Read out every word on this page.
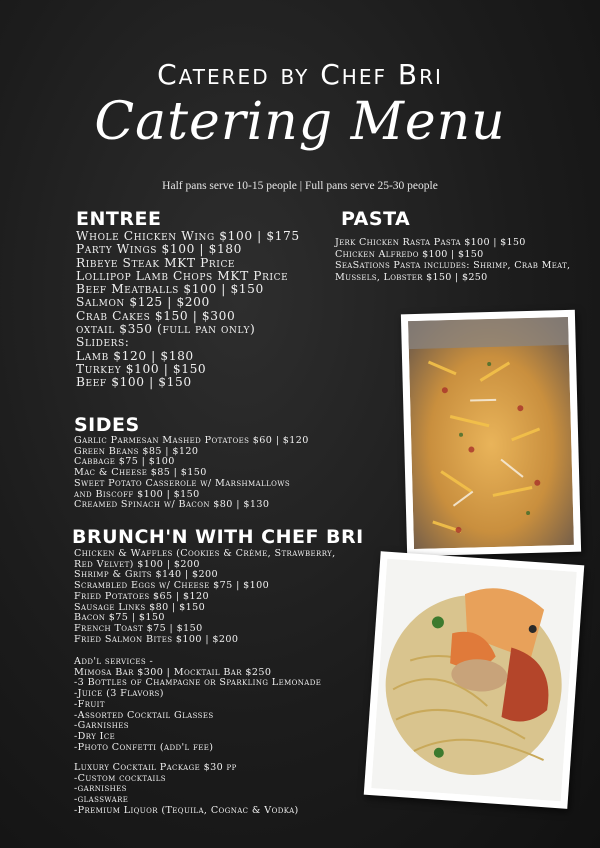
Catered by Chef Bri
Catering Menu
Half pans serve 10-15 people | Full pans serve 25-30 people
ENTREE
Whole Chicken Wing $100 | $175
Party Wings $100 | $180
Ribeye Steak MKT Price
Lollipop Lamb Chops MKT Price
Beef Meatballs $100 | $150
Salmon $125 | $200
Crab Cakes $150 | $300
oxtail $350 (full pan only)
Sliders:
Lamb $120 | $180
Turkey $100 | $150
Beef $100 | $150
PASTA
Jerk Chicken Rasta Pasta $100 | $150
Chicken Alfredo $100 | $150
SeaSations Pasta includes: Shrimp, Crab Meat,
Mussels, Lobster $150 | $250
SIDES
Garlic Parmesan Mashed Potatoes $60 | $120
Green Beans $85 | $120
Cabbage $75 | $100
Mac & Cheese $85 | $150
Sweet Potato Casserole w/ Marshmallows
and Biscoff $100 | $150
Creamed Spinach w/ Bacon $80 | $130
BRUNCH'N WITH CHEF BRI
Chicken & Waffles (Cookies & Crème, Strawberry,
Red Velvet) $100 | $200
Shrimp & Grits $140 | $200
Scrambled Eggs w/ Cheese $75 | $100
Fried Potatoes $65 | $120
Sausage Links $80 | $150
Bacon $75 | $150
French Toast $75 | $150
Fried Salmon Bites $100 | $200
Add'l services -
Mimosa Bar $300 | Mocktail Bar $250
-3 Bottles of Champagne or Sparkling Lemonade
-Juice (3 Flavors)
-Fruit
-Assorted Cocktail Glasses
-Garnishes
-Dry Ice
-Photo Confetti (add'l fee)
Luxury Cocktail Package $30 pp
-Custom cocktails
-garnishes
-glassware
-Premium Liquor (Tequila, Cognac & Vodka)
